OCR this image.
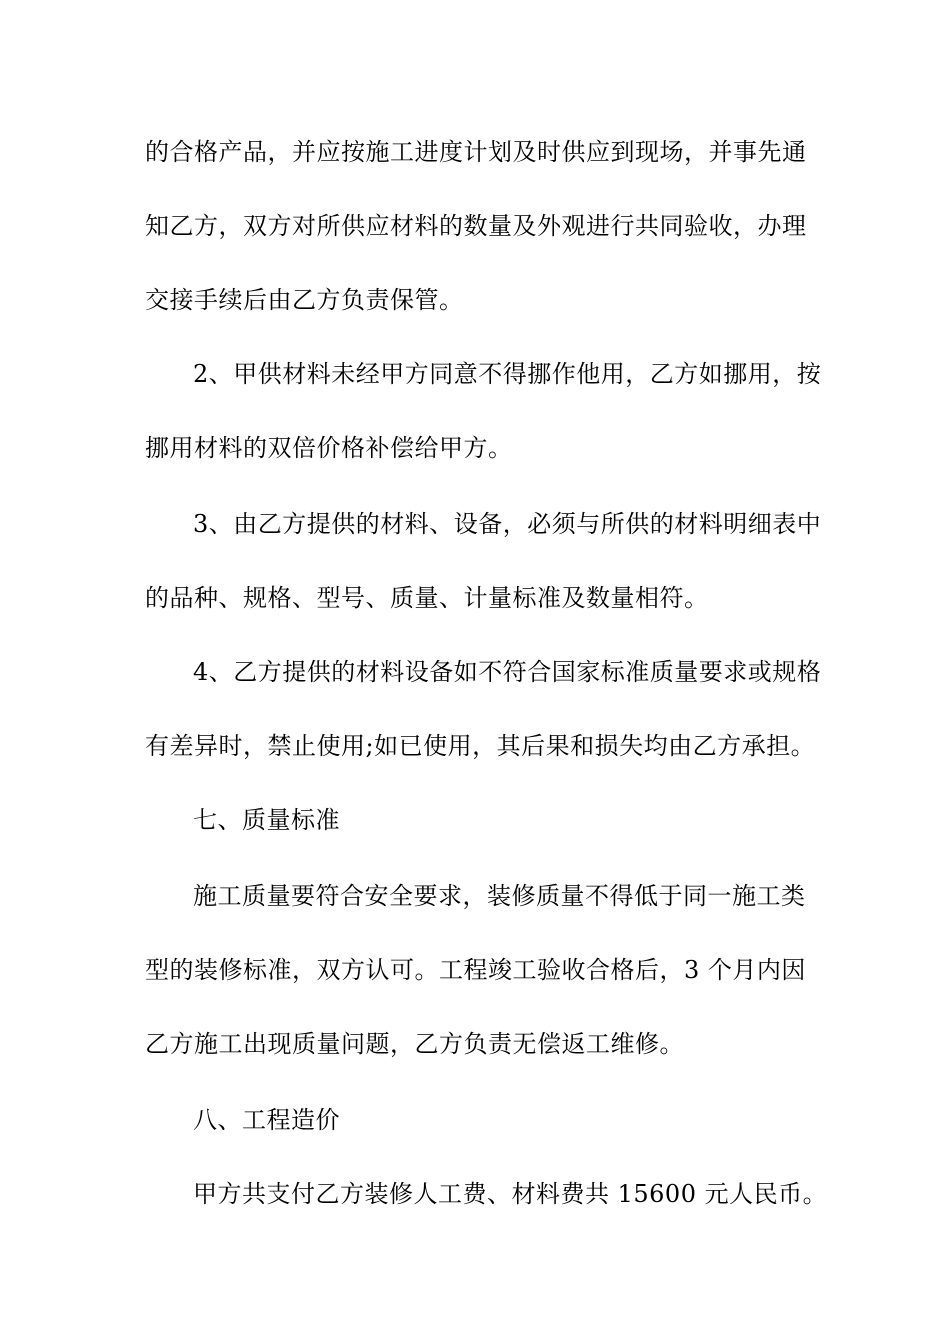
的合格产品，并应按施工进度计划及时供应到现场，并事先通
知乙方，双方对所供应材料的数量及外观进行共同验收，办理
交接手续后由乙方负责保管。
2、甲供材料未经甲方同意不得挪作他用，乙方如挪用，按
挪用材料的双倍价格补偿给甲方。
3、由乙方提供的材料、设备，必须与所供的材料明细表中
的品种、规格、型号、质量、计量标准及数量相符。
4、乙方提供的材料设备如不符合国家标准质量要求或规格
有差异时，禁止使用;如已使用，其后果和损失均由乙方承担。
七、质量标准
施工质量要符合安全要求，装修质量不得低于同一施工类
型的装修标准，双方认可。工程竣工验收合格后，3 个月内因
乙方施工出现质量问题，乙方负责无偿返工维修。
八、工程造价
甲方共支付乙方装修人工费、材料费共 15600 元人民币。
